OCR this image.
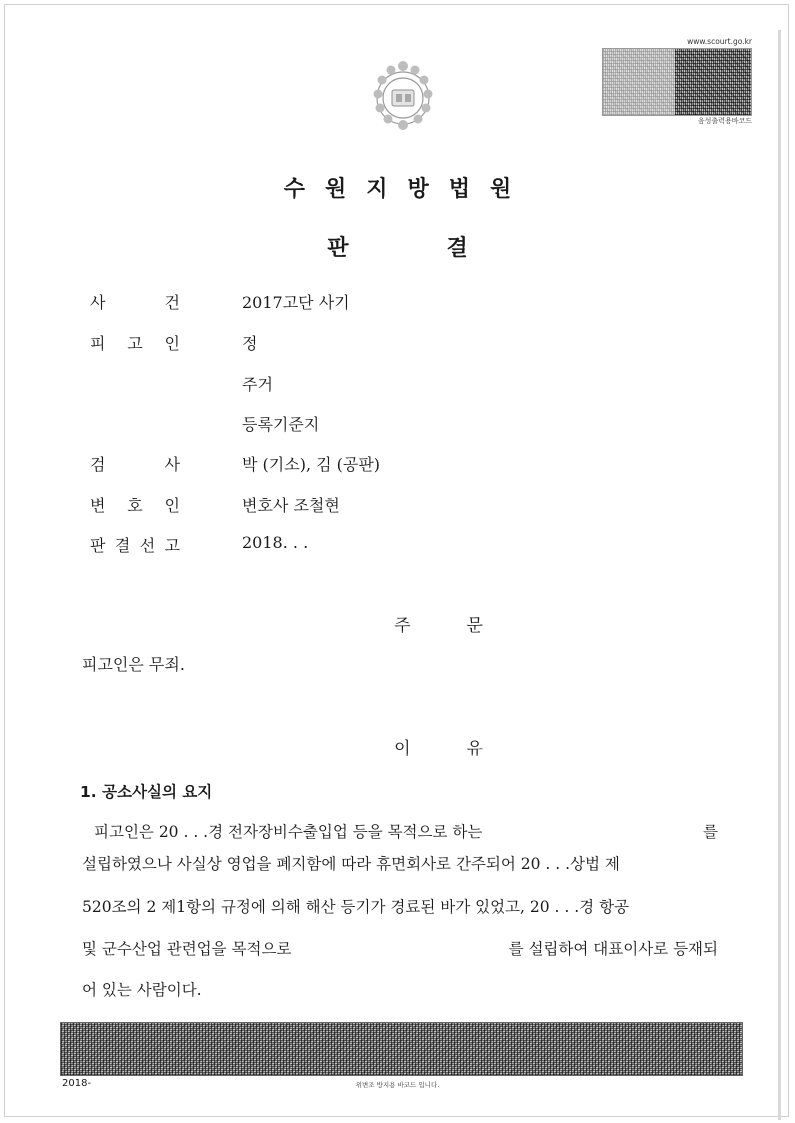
www.scourt.go.kr
음성출력용바코드
수원지방법원
판결
사	건	2017고단 사기
피 고 인	정
주거
등록기준지
검	사	박 (기소), 김 (공판)
변 호 인	변호사 조철현
판 결 선 고	2018. . .
주문
피고인은 무죄.
이유
1. 공소사실의 요지
피고인은 20 . . .경 전자장비수출입업 등을 목적으로 하는	를
설립하였으나 사실상 영업을 폐지함에 따라 휴면회사로 간주되어 20 . . .상법 제
520조의 2 제1항의 규정에 의해 해산 등기가 경료된 바가 있었고, 20 . . .경 항공
및 군수산업 관련업을 목적으로	를 설립하여 대표이사로 등재되
어 있는 사람이다.
2018-	위변조 방지용 바코드 입니다.
